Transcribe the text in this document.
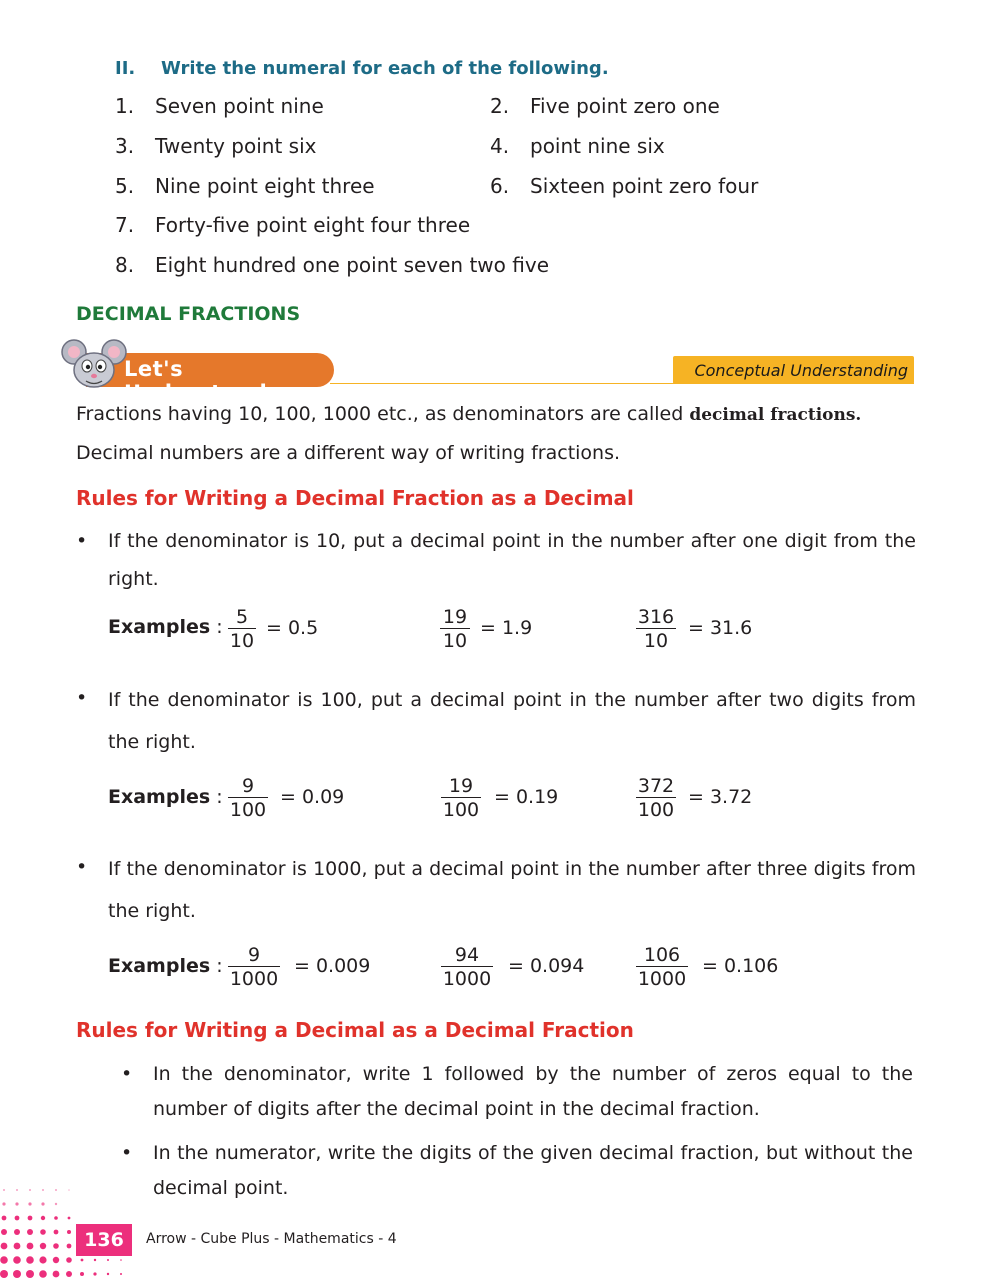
II. Write the numeral for each of the following.
1. Seven point nine	2. Five point zero one
3. Twenty point six	4. point nine six
5. Nine point eight three	6. Sixteen point zero four
7. Forty-five point eight four three
8. Eight hundred one point seven two five
DECIMAL FRACTIONS
Let's Understand
Conceptual Understanding
Fractions having 10, 100, 1000 etc., as denominators are called decimal fractions.
Decimal numbers are a different way of writing fractions.
Rules for Writing a Decimal Fraction as a Decimal
• If the denominator is 10, put a decimal point in the number after one digit from the right.
Examples : 5
10
= 0.5	19
10
= 1.9	316
10
= 31.6
• If the denominator is 100, put a decimal point in the number after two digits from the right.
Examples : 9
100
= 0.09	19
100
= 0.19	372
100
= 3.72
• If the denominator is 1000, put a decimal point in the number after three digits from the right.
Examples : 9
1000
= 0.009	94
1000
= 0.094	106
1000
= 0.106
Rules for Writing a Decimal as a Decimal Fraction
• In the denominator, write 1 followed by the number of zeros equal to the number of digits after the decimal point in the decimal fraction.
• In the numerator, write the digits of the given decimal fraction, but without the decimal point.
136 Arrow - Cube Plus - Mathematics - 4
